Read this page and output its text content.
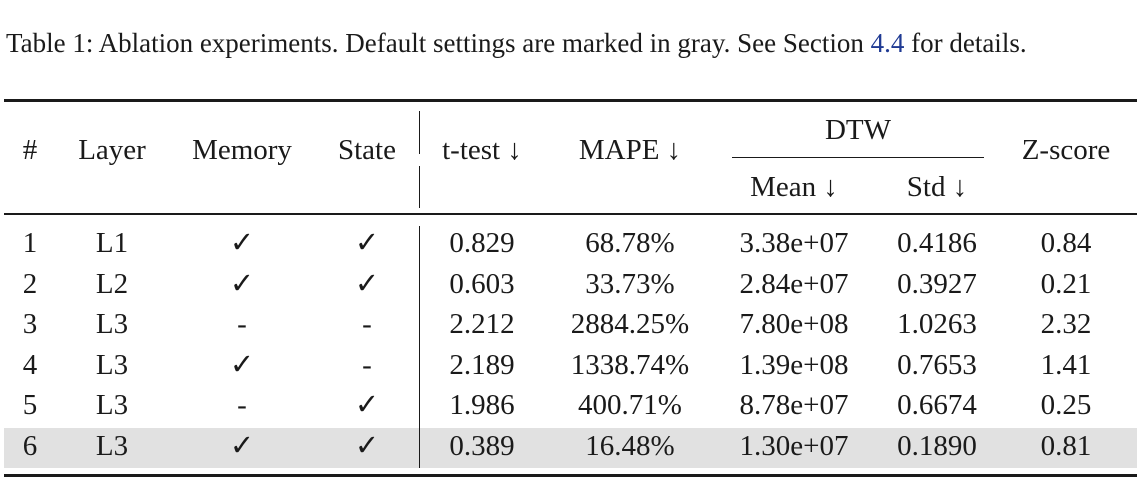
Table 1: Ablation experiments. Default settings are marked in gray. See Section 4.4 for details.
# Layer Memory State t-test ↓ MAPE ↓
DTW
Mean ↓ Std ↓
Z-score
1 L1	✓	✓ 0.829 68.78% 3.38e+07 0.4186 0.84
2 L2	✓	✓ 0.603 33.73% 2.84e+07 0.3927 0.21
3 L3	-	-	2.212 2884.25% 7.80e+08 1.0263 2.32
4 L3	✓	-	2.189 1338.74% 1.39e+08 0.7653 1.41
5 L3	-	✓ 1.986 400.71% 8.78e+07 0.6674 0.25
6 L3	✓	✓ 0.389 16.48% 1.30e+07 0.1890 0.81
